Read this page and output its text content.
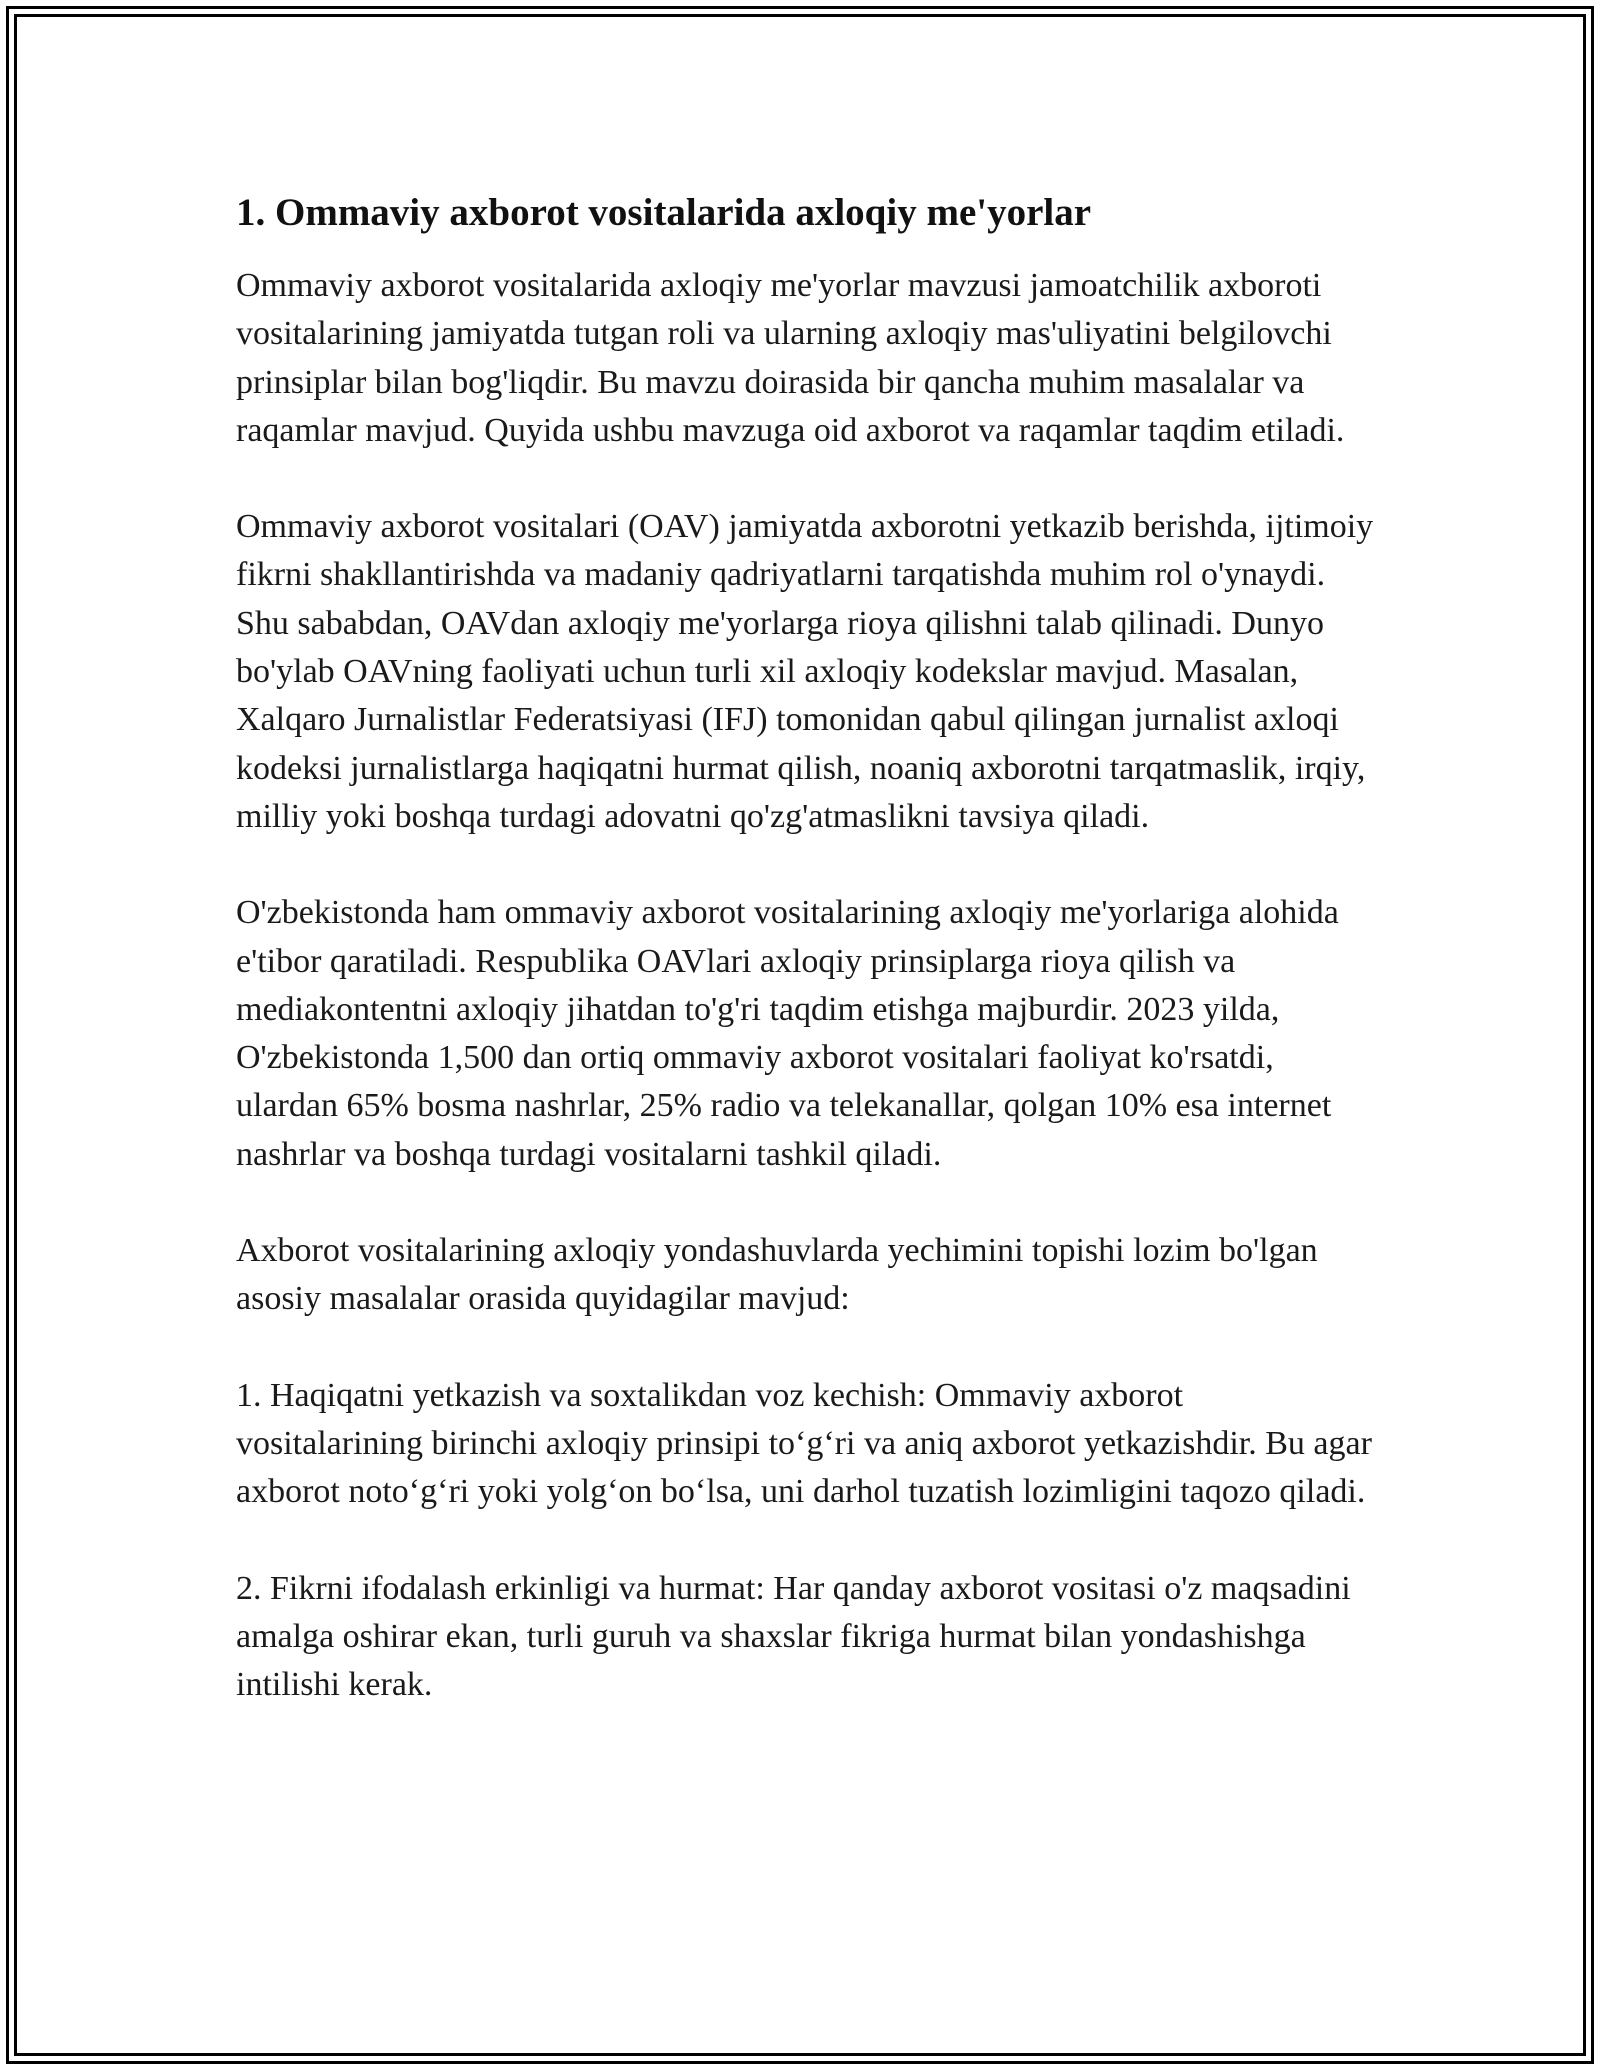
1. Ommaviy axborot vositalarida axloqiy me'yorlar

Ommaviy axborot vositalarida axloqiy me'yorlar mavzusi jamoatchilik axboroti vositalarining jamiyatda tutgan roli va ularning axloqiy mas'uliyatini belgilovchi prinsiplar bilan bog'liqdir. Bu mavzu doirasida bir qancha muhim masalalar va raqamlar mavjud. Quyida ushbu mavzuga oid axborot va raqamlar taqdim etiladi.

Ommaviy axborot vositalari (OAV) jamiyatda axborotni yetkazib berishda, ijtimoiy fikrni shakllantirishda va madaniy qadriyatlarni tarqatishda muhim rol o'ynaydi. Shu sababdan, OAVdan axloqiy me'yorlarga rioya qilishni talab qilinadi. Dunyo bo'ylab OAVning faoliyati uchun turli xil axloqiy kodekslar mavjud. Masalan, Xalqaro Jurnalistlar Federatsiyasi (IFJ) tomonidan qabul qilingan jurnalist axloqi kodeksi jurnalistlarga haqiqatni hurmat qilish, noaniq axborotni tarqatmaslik, irqiy, milliy yoki boshqa turdagi adovatni qo'zg'atmaslikni tavsiya qiladi.

O'zbekistonda ham ommaviy axborot vositalarining axloqiy me'yorlariga alohida e'tibor qaratiladi. Respublika OAVlari axloqiy prinsiplarga rioya qilish va mediakontentni axloqiy jihatdan to'g'ri taqdim etishga majburdir. 2023 yilda, O'zbekistonda 1,500 dan ortiq ommaviy axborot vositalari faoliyat ko'rsatdi, ulardan 65% bosma nashrlar, 25% radio va telekanallar, qolgan 10% esa internet nashrlar va boshqa turdagi vositalarni tashkil qiladi.

Axborot vositalarining axloqiy yondashuvlarda yechimini topishi lozim bo'lgan asosiy masalalar orasida quyidagilar mavjud:

1. Haqiqatni yetkazish va soxtalikdan voz kechish: Ommaviy axborot vositalarining birinchi axloqiy prinsipi to‘g‘ri va aniq axborot yetkazishdir. Bu agar axborot noto‘g‘ri yoki yolg‘on bo‘lsa, uni darhol tuzatish lozimligini taqozo qiladi.

2. Fikrni ifodalash erkinligi va hurmat: Har qanday axborot vositasi o'z maqsadini amalga oshirar ekan, turli guruh va shaxslar fikriga hurmat bilan yondashishga intilishi kerak.
